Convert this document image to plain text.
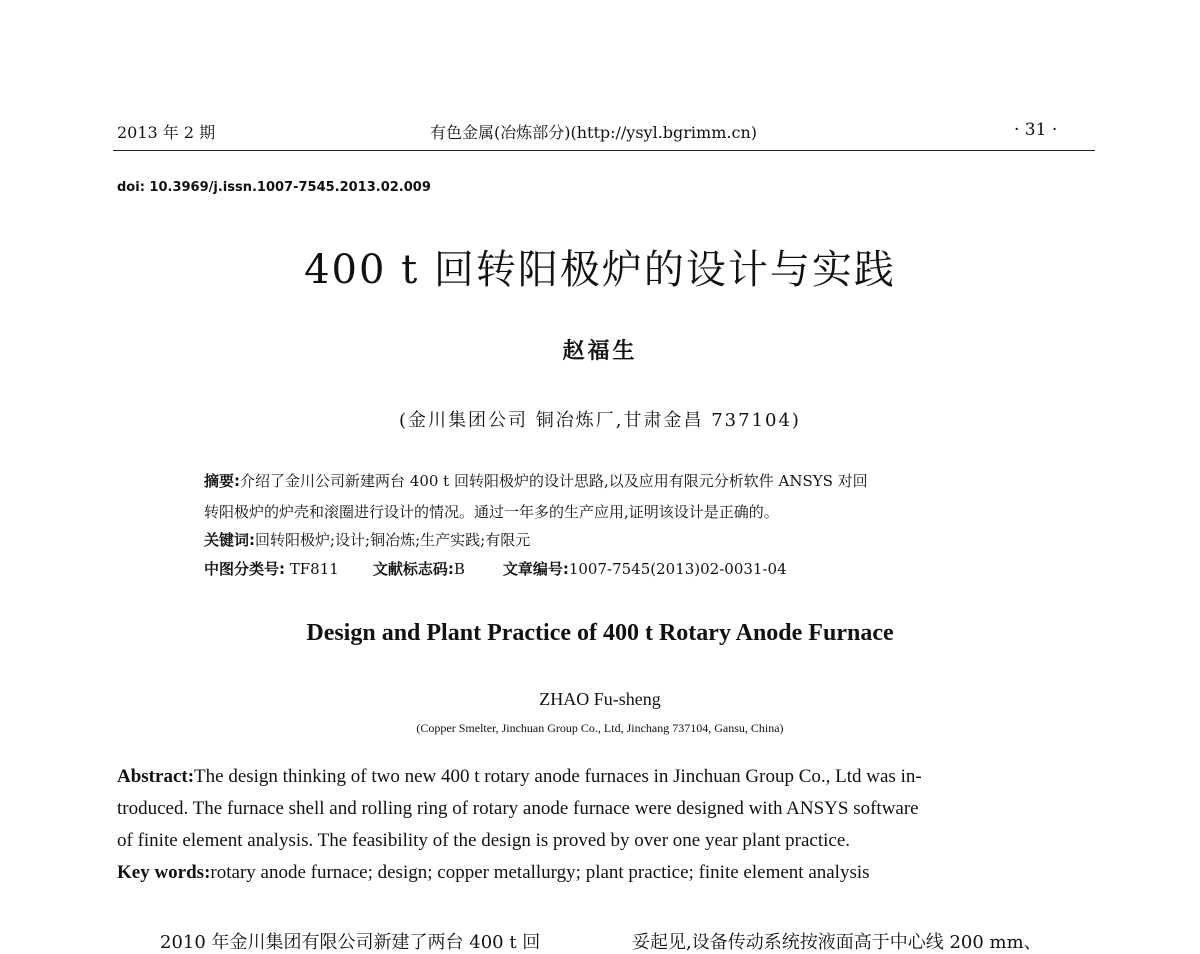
2013 年 2 期	有色金属(冶炼部分)(http://ysyl.bgrimm.cn)	· 31 ·
doi: 10.3969/j.issn.1007-7545.2013.02.009
400 t 回转阳极炉的设计与实践
赵福生
(金川集团公司 铜冶炼厂,甘肃金昌 737104)
摘要:介绍了金川公司新建两台 400 t 回转阳极炉的设计思路,以及应用有限元分析软件 ANSYS 对回
转阳极炉的炉壳和滚圈进行设计的情况。通过一年多的生产应用,证明该设计是正确的。
关键词:回转阳极炉;设计;铜冶炼;生产实践;有限元
中图分类号: TF811 文献标志码:B	文章编号:1007-7545(2013)02-0031-04
Design and Plant Practice of 400 t Rotary Anode Furnace
ZHAO Fu-sheng
(Copper Smelter, Jinchuan Group Co., Ltd, Jinchang 737104, Gansu, China)
Abstract:The design thinking of two new 400 t rotary anode furnaces in Jinchuan Group Co., Ltd was in-
troduced. The furnace shell and rolling ring of rotary anode furnace were designed with ANSYS software
of finite element analysis. The feasibility of the design is proved by over one year plant practice.
Key words:rotary anode furnace; design; copper metallurgy; plant practice; finite element analysis
2010 年金川集团有限公司新建了两台 400 t 回	妥起见,设备传动系统按液面高于中心线 200 mm、
